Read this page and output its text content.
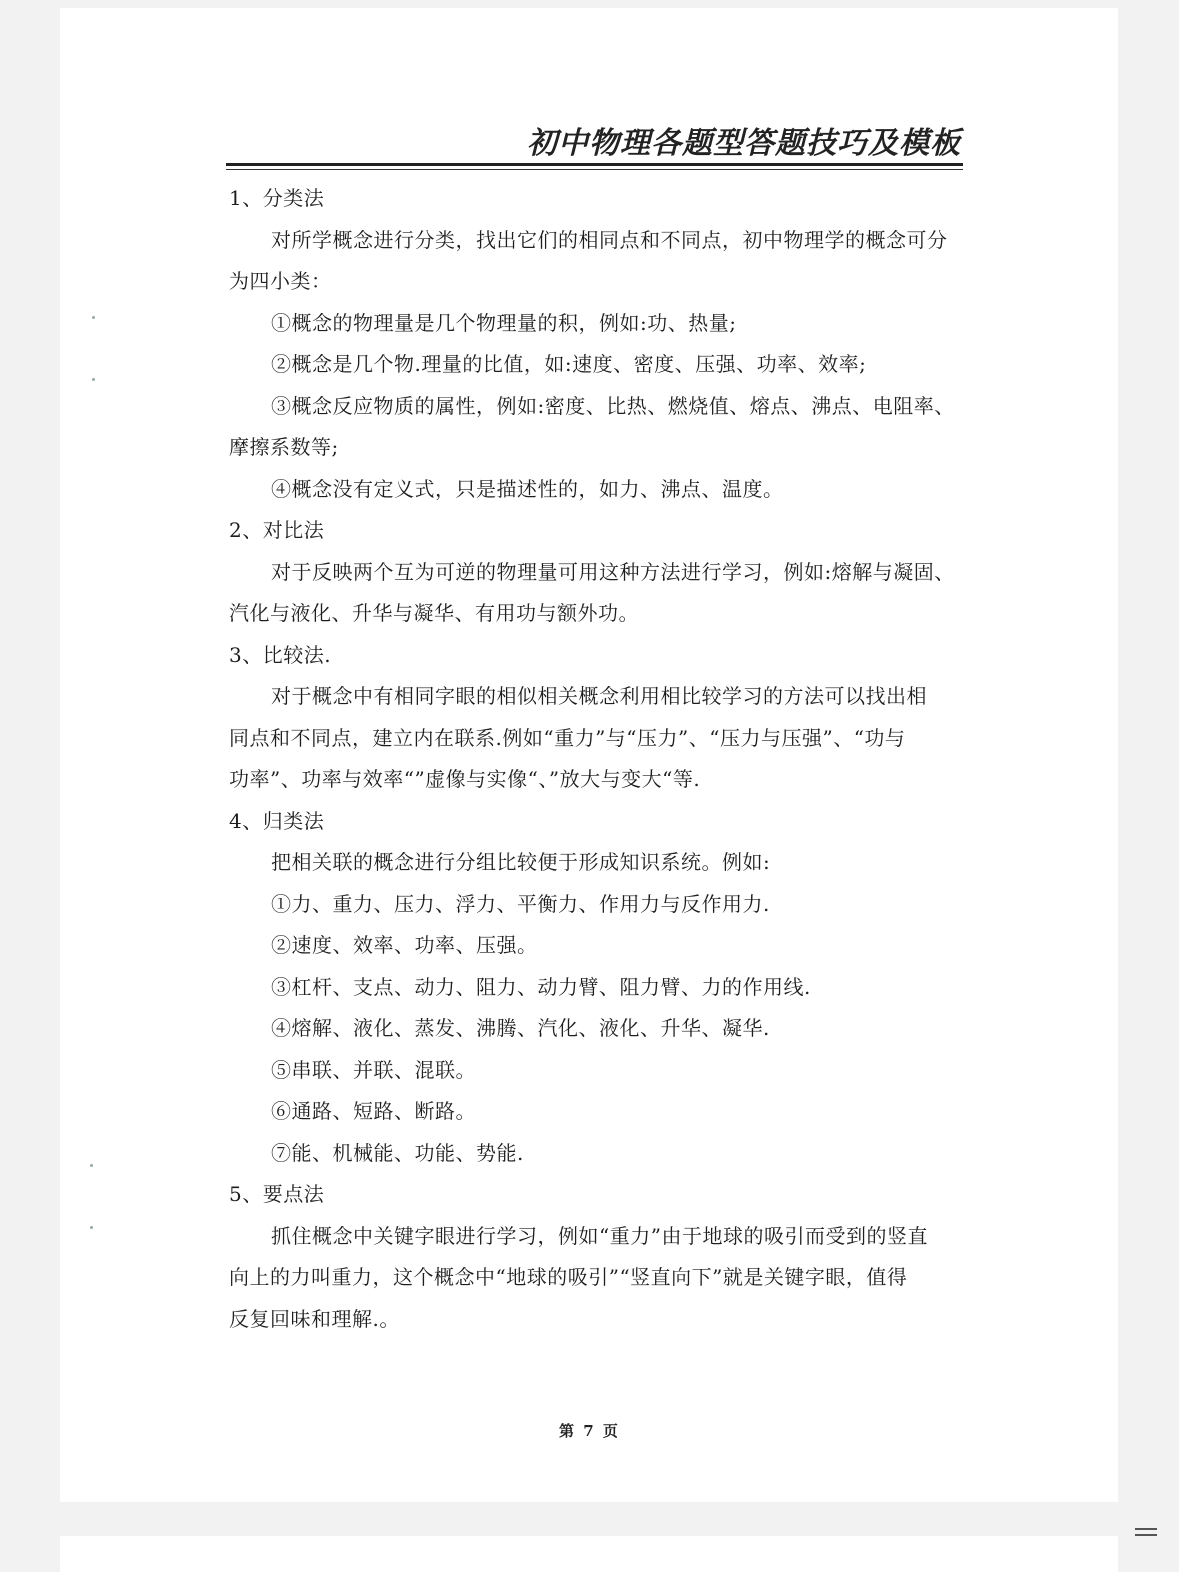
初中物理各题型答题技巧及模板
1、分类法
对所学概念进行分类，找出它们的相同点和不同点，初中物理学的概念可分
为四小类：
①概念的物理量是几个物理量的积，例如:功、热量;
②概念是几个物.理量的比值，如:速度、密度、压强、功率、效率;
③概念反应物质的属性，例如:密度、比热、燃烧值、熔点、沸点、电阻率、
摩擦系数等;
④概念没有定义式，只是描述性的，如力、沸点、温度。
2、对比法
对于反映两个互为可逆的物理量可用这种方法进行学习，例如:熔解与凝固、
汽化与液化、升华与凝华、有用功与额外功。
3、比较法.
对于概念中有相同字眼的相似相关概念利用相比较学习的方法可以找出相
同点和不同点，建立内在联系.例如“重力”与“压力”、“压力与压强”、“功与
功率”、功率与效率“”虚像与实像“、”放大与变大“等.
4、归类法
把相关联的概念进行分组比较便于形成知识系统。例如:
①力、重力、压力、浮力、平衡力、作用力与反作用力.
②速度、效率、功率、压强。
③杠杆、支点、动力、阻力、动力臂、阻力臂、力的作用线.
④熔解、液化、蒸发、沸腾、汽化、液化、升华、凝华.
⑤串联、并联、混联。
⑥通路、短路、断路。
⑦能、机械能、功能、势能.
5、要点法
抓住概念中关键字眼进行学习，例如“重力”由于地球的吸引而受到的竖直
向上的力叫重力，这个概念中“地球的吸引”“竖直向下”就是关键字眼，值得
反复回味和理解.。
第 7 页
